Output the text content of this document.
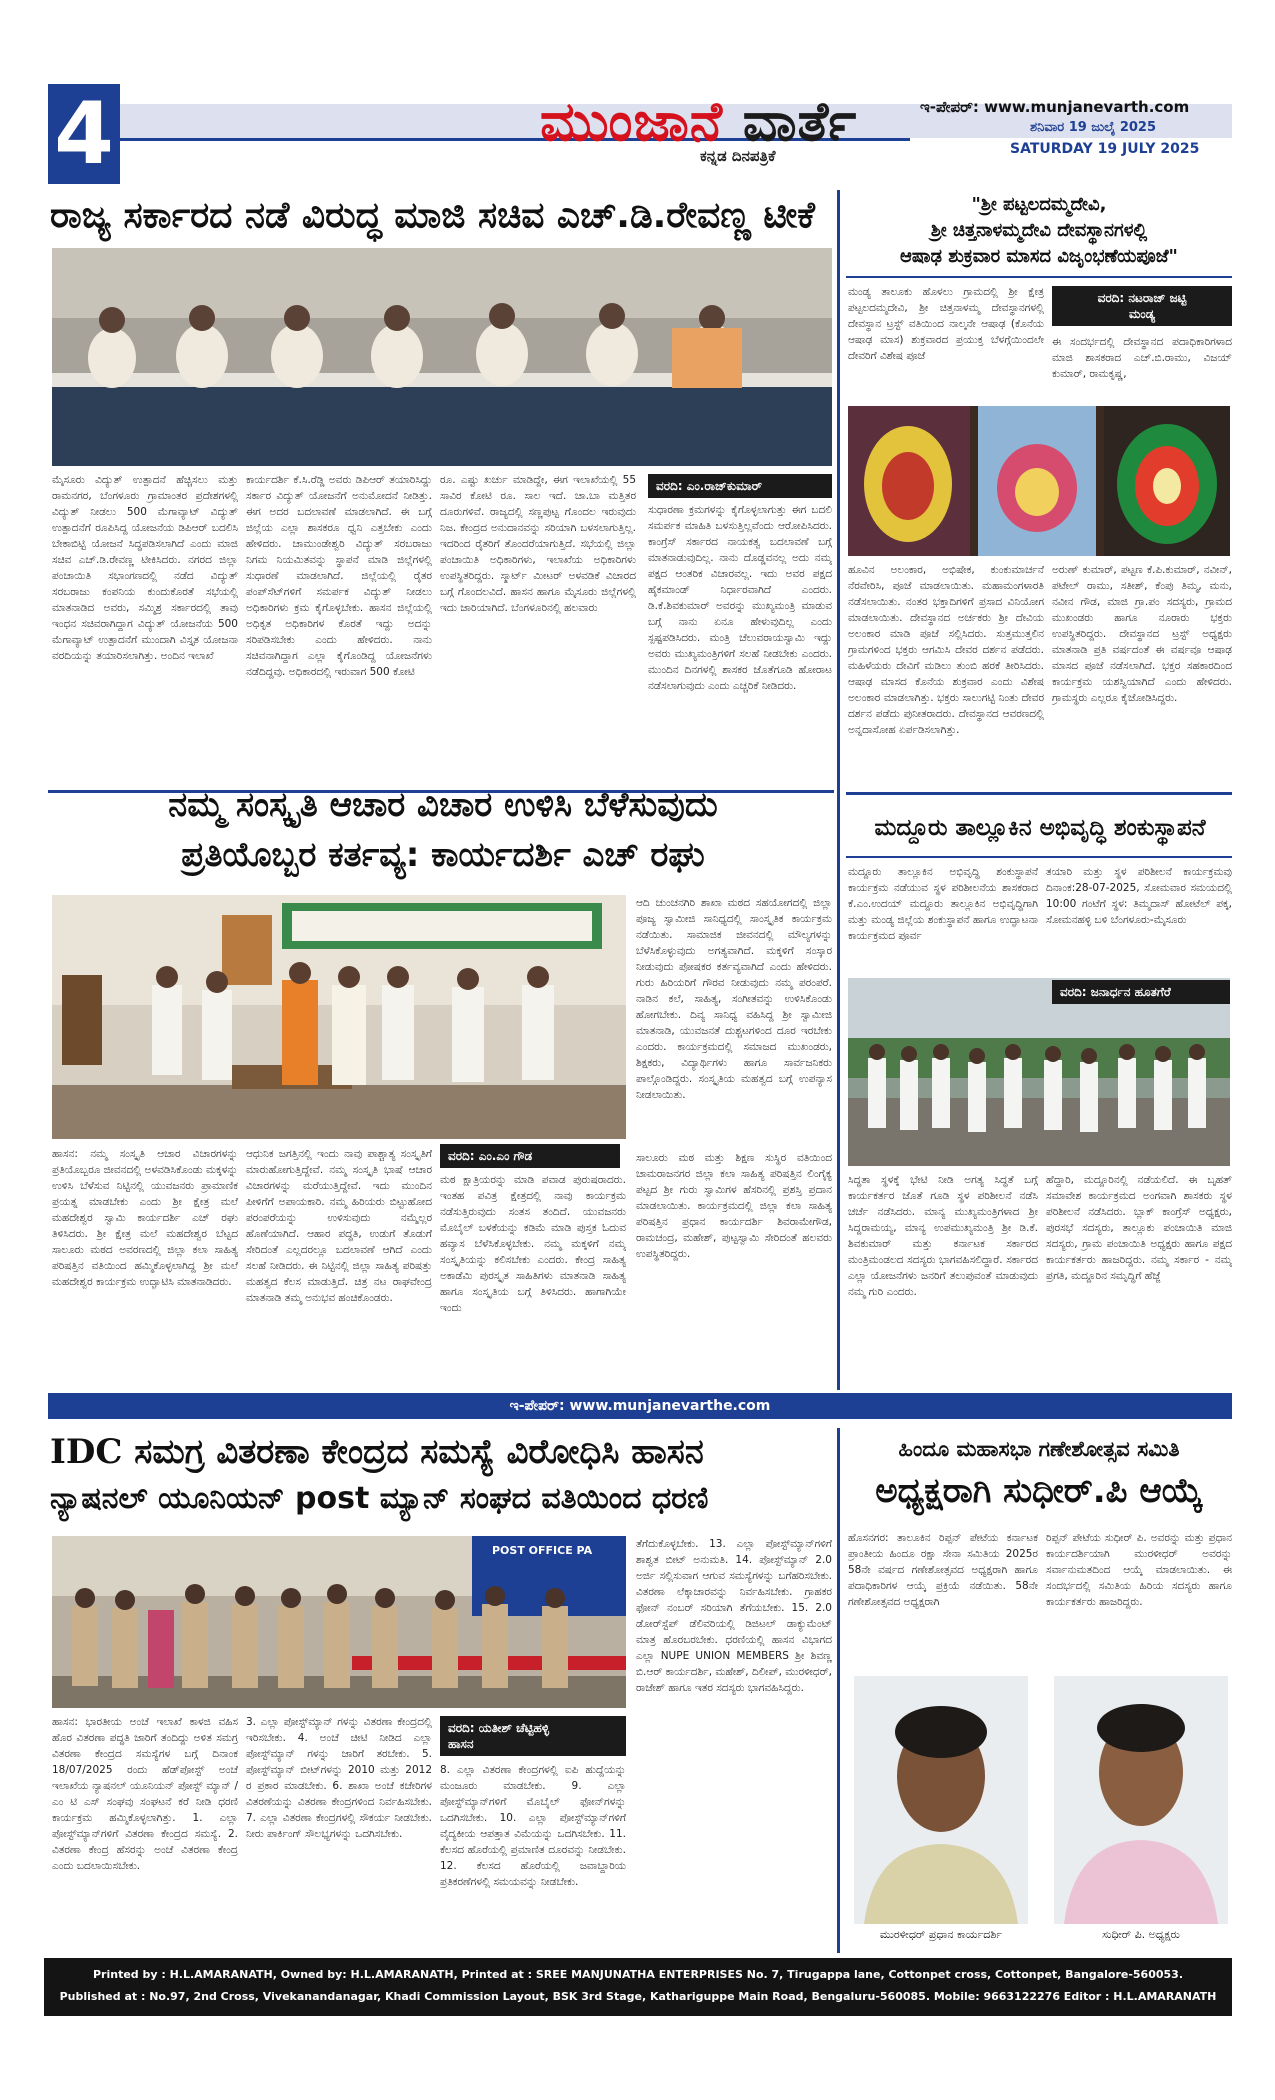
4	ಮುಂಜಾನೆ ವಾರ್ತೆ
ಕನ್ನಡ ದಿನಪತ್ರಿಕೆ
ಇ-ಪೇಪರ್: www.munjanevarth.com
ಶನಿವಾರ 19 ಜುಲೈ 2025
SATURDAY 19 JULY 2025
ರಾಜ್ಯ ಸರ್ಕಾರದ ನಡೆ ವಿರುದ್ಧ ಮಾಜಿ ಸಚಿವ ಎಚ್.ಡಿ.ರೇವಣ್ಣ ಟೀಕೆ
ಮೈಸೂರು ವಿದ್ಯುತ್ ಉತ್ಪಾದನೆ ಹೆಚ್ಚಿಸಲು ಮತ್ತು ರಾಮನಗರ, ಬೆಂಗಳೂರು ಗ್ರಾಮಾಂತರ ಪ್ರದೇಶಗಳಲ್ಲಿ ವಿದ್ಯುತ್ ನೀಡಲು 500 ಮೆಗಾವ್ಯಾಟ್ ವಿದ್ಯುತ್ ಉತ್ಪಾದನೆಗೆ ರೂಪಿಸಿದ್ದ ಯೋಜನೆಯ ಡಿಪಿಆರ್ ಬದಲಿಸಿ ಬೇಕಾಬಿಟ್ಟಿ ಯೋಜನೆ ಸಿದ್ಧಪಡಿಸಲಾಗಿದೆ ಎಂದು ಮಾಜಿ ಸಚಿವ ಎಚ್.ಡಿ.ರೇವಣ್ಣ ಟೀಕಿಸಿದರು. ನಗರದ ಜಿಲ್ಲಾ ಪಂಚಾಯಿತಿ ಸಭಾಂಗಣದಲ್ಲಿ ನಡೆದ ವಿದ್ಯುತ್ ಸರಬರಾಜು ಕಂಪನಿಯ ಕುಂದುಕೊರತೆ ಸಭೆಯಲ್ಲಿ ಮಾತನಾಡಿದ ಅವರು, ಸಮ್ಮಿಶ್ರ ಸರ್ಕಾರದಲ್ಲಿ ತಾವು ಇಂಧನ ಸಚಿವರಾಗಿದ್ದಾಗ ವಿದ್ಯುತ್ ಯೋಜನೆಯ 500 ಮೆಗಾವ್ಯಾಟ್ ಉತ್ಪಾದನೆಗೆ ಮುಂದಾಗಿ ವಿಸ್ತೃತ ಯೋಜನಾ ವರದಿಯನ್ನು ತಯಾರಿಸಲಾಗಿತ್ತು. ಅಂದಿನ ಇಲಾಖೆ
ಕಾರ್ಯದರ್ಶಿ ಕೆ.ಸಿ.ರೆಡ್ಡಿ ಅವರು ಡಿಪಿಆರ್ ತಯಾರಿಸಿದ್ದು ಸರ್ಕಾರ ವಿದ್ಯುತ್ ಯೋಜನೆಗೆ ಅನುಮೋದನೆ ನೀಡಿತ್ತು. ಈಗ ಅದರ ಬದಲಾವಣೆ ಮಾಡಲಾಗಿದೆ. ಈ ಬಗ್ಗೆ ಜಿಲ್ಲೆಯ ಎಲ್ಲಾ ಶಾಸಕರೂ ಧ್ವನಿ ಎತ್ತಬೇಕು ಎಂದು ಹೇಳಿದರು. ಚಾಮುಂಡೇಶ್ವರಿ ವಿದ್ಯುತ್ ಸರಬರಾಜು ನಿಗಮ ನಿಯಮಿತವನ್ನು ಸ್ಥಾಪನೆ ಮಾಡಿ ಜಿಲ್ಲೆಗಳಲ್ಲಿ ಸುಧಾರಣೆ ಮಾಡಲಾಗಿದೆ. ಜಿಲ್ಲೆಯಲ್ಲಿ ರೈತರ ಪಂಪ್‌ಸೆಟ್‌ಗಳಿಗೆ ಸಮರ್ಪಕ ವಿದ್ಯುತ್ ನೀಡಲು ಅಧಿಕಾರಿಗಳು ಕ್ರಮ ಕೈಗೊಳ್ಳಬೇಕು. ಹಾಸನ ಜಿಲ್ಲೆಯಲ್ಲಿ ಅಧಿಕೃತ ಅಧಿಕಾರಿಗಳ ಕೊರತೆ ಇದ್ದು ಅದನ್ನು ಸರಿಪಡಿಸಬೇಕು ಎಂದು ಹೇಳಿದರು. ನಾನು ಸಚಿವನಾಗಿದ್ದಾಗ ಎಲ್ಲಾ ಕೈಗೊಂಡಿದ್ದ ಯೋಜನೆಗಳು ನಡೆದಿದ್ದವು. ಅಧಿಕಾರದಲ್ಲಿ ಇರುವಾಗ 500 ಕೋಟಿ
ರೂ. ಎಷ್ಟು ಖರ್ಚು ಮಾಡಿದ್ದೇ, ಈಗ ಇಲಾಖೆಯಲ್ಲಿ 55 ಸಾವಿರ ಕೋಟಿ ರೂ. ಸಾಲ ಇದೆ. ಚಾ.ಬಾ ಮತ್ತಿತರ ದೂರುಗಳಿವೆ. ರಾಜ್ಯದಲ್ಲಿ ಸಣ್ಣಪುಟ್ಟ ಗೊಂದಲ ಇರುವುದು ನಿಜ. ಕೇಂದ್ರದ ಅನುದಾನವನ್ನು ಸರಿಯಾಗಿ ಬಳಸಲಾಗುತ್ತಿಲ್ಲ. ಇದರಿಂದ ರೈತರಿಗೆ ತೊಂದರೆಯಾಗುತ್ತಿದೆ. ಸಭೆಯಲ್ಲಿ ಜಿಲ್ಲಾ ಪಂಚಾಯಿತಿ ಅಧಿಕಾರಿಗಳು, ಇಲಾಖೆಯ ಅಧಿಕಾರಿಗಳು ಉಪಸ್ಥಿತರಿದ್ದರು. ಸ್ಮಾರ್ಟ್ ಮೀಟರ್ ಅಳವಡಿಕೆ ವಿಚಾರದ ಬಗ್ಗೆ ಗೊಂದಲವಿದೆ. ಹಾಸನ ಹಾಗೂ ಮೈಸೂರು ಜಿಲ್ಲೆಗಳಲ್ಲಿ ಇದು ಜಾರಿಯಾಗಿದೆ. ಬೆಂಗಳೂರಿನಲ್ಲಿ ಹಲವಾರು
ವರದಿ: ಎಂ.ರಾಜ್‌ಕುಮಾರ್
ಸುಧಾರಣಾ ಕ್ರಮಗಳನ್ನು ಕೈಗೊಳ್ಳಲಾಗುತ್ತು ಈಗ ಬದಲಿ ಸಮರ್ಪಕ ಮಾಹಿತಿ ಬಳಸುತ್ತಿಲ್ಲವೆಂದು ಆರೋಪಿಸಿದರು. ಕಾಂಗ್ರೆಸ್ ಸರ್ಕಾರದ ನಾಯಕತ್ವ ಬದಲಾವಣೆ ಬಗ್ಗೆ ಮಾತನಾಡುವುದಿಲ್ಲ. ನಾನು ದೊಡ್ಡವನಲ್ಲ ಅದು ನಮ್ಮ ಪಕ್ಷದ ಆಂತರಿಕ ವಿಚಾರವಲ್ಲ. ಇದು ಅವರ ಪಕ್ಷದ ಹೈಕಮಾಂಡ್ ನಿರ್ಧಾರವಾಗಿದೆ ಎಂದರು. ಡಿ.ಕೆ.ಶಿವಕುಮಾರ್ ಅವರನ್ನು ಮುಖ್ಯಮಂತ್ರಿ ಮಾಡುವ ಬಗ್ಗೆ ನಾನು ಏನೂ ಹೇಳುವುದಿಲ್ಲ ಎಂದು ಸ್ಪಷ್ಟಪಡಿಸಿದರು. ಮಂತ್ರಿ ಚೆಲುವರಾಯಸ್ವಾಮಿ ಇದ್ದು ಅವರು ಮುಖ್ಯಮಂತ್ರಿಗಳಿಗೆ ಸಲಹೆ ನೀಡಬೇಕು ಎಂದರು. ಮುಂದಿನ ದಿನಗಳಲ್ಲಿ ಶಾಸಕರ ಜೊತೆಗೂಡಿ ಹೋರಾಟ ನಡೆಸಲಾಗುವುದು ಎಂದು ಎಚ್ಚರಿಕೆ ನೀಡಿದರು.
"ಶ್ರೀ ಪಟ್ಟಲದಮ್ಮದೇವಿ,
ಶ್ರೀ ಚಿತ್ತನಾಳಮ್ಮದೇವಿ ದೇವಸ್ಥಾನಗಳಲ್ಲಿ
ಆಷಾಢ ಶುಕ್ರವಾರ ಮಾಸದ ವಿಜೃಂಭಣೆಯಪೂಜೆ"
ಮಂಡ್ಯ ತಾಲೂಕು ಹೊಳಲು ಗ್ರಾಮದಲ್ಲಿ ಶ್ರೀ ಕ್ಷೇತ್ರ ಪಟ್ಟಲದಮ್ಮದೇವಿ, ಶ್ರೀ ಚಿತ್ತನಾಳಮ್ಮ ದೇವಸ್ಥಾನಗಳಲ್ಲಿ ದೇವಸ್ಥಾನ ಟ್ರಸ್ಟ್ ವತಿಯಿಂದ ನಾಲ್ಕನೇ ಆಷಾಢ (ಕೊನೆಯ ಆಷಾಢ ಮಾಸ) ಶುಕ್ರವಾರದ ಪ್ರಯುಕ್ತ ಬೆಳಗ್ಗೆಯಿಂದಲೇ ದೇವರಿಗೆ ವಿಶೇಷ ಪೂಜೆ
ವರದಿ: ನಟರಾಜ್ ಜಟ್ಟಿ
ಮಂಡ್ಯ
ಈ ಸಂದರ್ಭದಲ್ಲಿ ದೇವಸ್ಥಾನದ ಪದಾಧಿಕಾರಿಗಳಾದ ಮಾಜಿ ಶಾಸಕರಾದ ಎಚ್.ಬಿ.ರಾಮು, ವಿಜಯ್ ಕುಮಾರ್, ರಾಮಕೃಷ್ಣ,
ಹೂವಿನ ಅಲಂಕಾರ, ಅಭಿಷೇಕ, ಕುಂಕುಮಾರ್ಚನೆ ನೆರವೇರಿಸಿ, ಪೂಜೆ ಮಾಡಲಾಯಿತು. ಮಹಾಮಂಗಳಾರತಿ ನಡೆಸಲಾಯಿತು. ನಂತರ ಭಕ್ತಾದಿಗಳಿಗೆ ಪ್ರಸಾದ ವಿನಿಯೋಗ ಮಾಡಲಾಯಿತು. ದೇವಸ್ಥಾನದ ಅರ್ಚಕರು ಶ್ರೀ ದೇವಿಯ ಅಲಂಕಾರ ಮಾಡಿ ಪೂಜೆ ಸಲ್ಲಿಸಿದರು. ಸುತ್ತಮುತ್ತಲಿನ ಗ್ರಾಮಗಳಿಂದ ಭಕ್ತರು ಆಗಮಿಸಿ ದೇವರ ದರ್ಶನ ಪಡೆದರು. ಮಹಿಳೆಯರು ದೇವಿಗೆ ಮಡಿಲು ತುಂಬಿ ಹರಕೆ ತೀರಿಸಿದರು. ಆಷಾಢ ಮಾಸದ ಕೊನೆಯ ಶುಕ್ರವಾರ ಎಂದು ವಿಶೇಷ ಅಲಂಕಾರ ಮಾಡಲಾಗಿತ್ತು. ಭಕ್ತರು ಸಾಲುಗಟ್ಟಿ ನಿಂತು ದೇವರ ದರ್ಶನ ಪಡೆದು ಪುನೀತರಾದರು. ದೇವಸ್ಥಾನದ ಆವರಣದಲ್ಲಿ ಅನ್ನದಾಸೋಹ ಏರ್ಪಡಿಸಲಾಗಿತ್ತು.
ಅರುಣ್ ಕುಮಾರ್, ಪಟ್ಟಣ ಕೆ.ಪಿ.ಕುಮಾರ್, ನವೀನ್, ಪಟೇಲ್ ರಾಮು, ಸತೀಶ್, ಕೆಂಪು ತಿಮ್ಮ, ಮನು, ನವೀನ ಗೌಡ, ಮಾಜಿ ಗ್ರಾ.ಪಂ ಸದಸ್ಯರು, ಗ್ರಾಮದ ಮುಖಂಡರು ಹಾಗೂ ನೂರಾರು ಭಕ್ತರು ಉಪಸ್ಥಿತರಿದ್ದರು. ದೇವಸ್ಥಾನದ ಟ್ರಸ್ಟ್ ಅಧ್ಯಕ್ಷರು ಮಾತನಾಡಿ ಪ್ರತಿ ವರ್ಷದಂತೆ ಈ ವರ್ಷವೂ ಆಷಾಢ ಮಾಸದ ಪೂಜೆ ನಡೆಸಲಾಗಿದೆ. ಭಕ್ತರ ಸಹಕಾರದಿಂದ ಕಾರ್ಯಕ್ರಮ ಯಶಸ್ವಿಯಾಗಿದೆ ಎಂದು ಹೇಳಿದರು. ಗ್ರಾಮಸ್ಥರು ಎಲ್ಲರೂ ಕೈಜೋಡಿಸಿದ್ದರು.
ನಮ್ಮ ಸಂಸ್ಕೃತಿ ಆಚಾರ ವಿಚಾರ ಉಳಿಸಿ ಬೆಳೆಸುವುದು
ಪ್ರತಿಯೊಬ್ಬರ ಕರ್ತವ್ಯ: ಕಾರ್ಯದರ್ಶಿ ಎಚ್ ರಘು
ಆದಿ ಚುಂಚನಗಿರಿ ಶಾಖಾ ಮಠದ ಸಹಯೋಗದಲ್ಲಿ ಜಿಲ್ಲಾ ಪೂಜ್ಯ ಸ್ವಾಮೀಜಿ ಸಾನಿಧ್ಯದಲ್ಲಿ ಸಾಂಸ್ಕೃತಿಕ ಕಾರ್ಯಕ್ರಮ ನಡೆಯಿತು. ಸಾಮಾಜಿಕ ಜೀವನದಲ್ಲಿ ಮೌಲ್ಯಗಳನ್ನು ಬೆಳೆಸಿಕೊಳ್ಳುವುದು ಅಗತ್ಯವಾಗಿದೆ. ಮಕ್ಕಳಿಗೆ ಸಂಸ್ಕಾರ ನೀಡುವುದು ಪೋಷಕರ ಕರ್ತವ್ಯವಾಗಿದೆ ಎಂದು ಹೇಳಿದರು. ಗುರು ಹಿರಿಯರಿಗೆ ಗೌರವ ನೀಡುವುದು ನಮ್ಮ ಪರಂಪರೆ. ನಾಡಿನ ಕಲೆ, ಸಾಹಿತ್ಯ, ಸಂಗೀತವನ್ನು ಉಳಿಸಿಕೊಂಡು ಹೋಗಬೇಕು. ದಿವ್ಯ ಸಾನಿಧ್ಯ ವಹಿಸಿದ್ದ ಶ್ರೀ ಸ್ವಾಮೀಜಿ ಮಾತನಾಡಿ, ಯುವಜನತೆ ದುಶ್ಚಟಗಳಿಂದ ದೂರ ಇರಬೇಕು ಎಂದರು. ಕಾರ್ಯಕ್ರಮದಲ್ಲಿ ಸಮಾಜದ ಮುಖಂಡರು, ಶಿಕ್ಷಕರು, ವಿದ್ಯಾರ್ಥಿಗಳು ಹಾಗೂ ಸಾರ್ವಜನಿಕರು ಪಾಲ್ಗೊಂಡಿದ್ದರು. ಸಂಸ್ಕೃತಿಯ ಮಹತ್ವದ ಬಗ್ಗೆ ಉಪನ್ಯಾಸ ನೀಡಲಾಯಿತು.
ವರದಿ: ಎಂ.ಎಂ ಗೌಡ
ಹಾಸನ: ನಮ್ಮ ಸಂಸ್ಕೃತಿ ಆಚಾರ ವಿಚಾರಗಳನ್ನು ಪ್ರತಿಯೊಬ್ಬರೂ ಜೀವನದಲ್ಲಿ ಅಳವಡಿಸಿಕೊಂಡು ಮಕ್ಕಳನ್ನು ಉಳಿಸಿ ಬೆಳೆಸುವ ನಿಟ್ಟಿನಲ್ಲಿ ಯುವಜನರು ಪ್ರಾಮಾಣಿಕ ಪ್ರಯತ್ನ ಮಾಡಬೇಕು ಎಂದು ಶ್ರೀ ಕ್ಷೇತ್ರ ಮಲೆ ಮಹದೇಶ್ವರ ಸ್ವಾಮಿ ಕಾರ್ಯದರ್ಶಿ ಎಚ್ ರಘು ತಿಳಿಸಿದರು. ಶ್ರೀ ಕ್ಷೇತ್ರ ಮಲೆ ಮಹದೇಶ್ವರ ಬೆಟ್ಟದ ಸಾಲೂರು ಮಠದ ಅವರಣದಲ್ಲಿ ಜಿಲ್ಲಾ ಕಲಾ ಸಾಹಿತ್ಯ ಪರಿಷತ್ತಿನ ವತಿಯಿಂದ ಹಮ್ಮಿಕೊಳ್ಳಲಾಗಿದ್ದ ಶ್ರೀ ಮಲೆ ಮಹದೇಶ್ವರ ಕಾರ್ಯಕ್ರಮ ಉದ್ಘಾಟಿಸಿ ಮಾತನಾಡಿದರು.
ಆಧುನಿಕ ಜಗತ್ತಿನಲ್ಲಿ ಇಂದು ನಾವು ಪಾಶ್ಚಾತ್ಯ ಸಂಸ್ಕೃತಿಗೆ ಮಾರುಹೋಗುತ್ತಿದ್ದೇವೆ. ನಮ್ಮ ಸಂಸ್ಕೃತಿ ಭಾಷೆ ಆಚಾರ ವಿಚಾರಗಳನ್ನು ಮರೆಯುತ್ತಿದ್ದೇವೆ. ಇದು ಮುಂದಿನ ಪೀಳಿಗೆಗೆ ಅಪಾಯಕಾರಿ. ನಮ್ಮ ಹಿರಿಯರು ಬಿಟ್ಟುಹೋದ ಪರಂಪರೆಯನ್ನು ಉಳಿಸುವುದು ನಮ್ಮೆಲ್ಲರ ಹೊಣೆಯಾಗಿದೆ. ಆಹಾರ ಪದ್ಧತಿ, ಉಡುಗೆ ತೊಡುಗೆ ಸೇರಿದಂತೆ ಎಲ್ಲದರಲ್ಲೂ ಬದಲಾವಣೆ ಆಗಿದೆ ಎಂದು ಸಲಹೆ ನೀಡಿದರು. ಈ ನಿಟ್ಟಿನಲ್ಲಿ ಜಿಲ್ಲಾ ಸಾಹಿತ್ಯ ಪರಿಷತ್ತು ಮಹತ್ವದ ಕೆಲಸ ಮಾಡುತ್ತಿದೆ. ಚಿತ್ರ ನಟ ರಾಘವೇಂದ್ರ ಮಾತನಾಡಿ ತಮ್ಮ ಅನುಭವ ಹಂಚಿಕೊಂಡರು.
ಮಠ ಕ್ಷಾತ್ರಿಯರನ್ನು ಮಾಡಿ ಪವಾಡ ಪುರುಷರಾದರು. ಇಂತಹ ಪವಿತ್ರ ಕ್ಷೇತ್ರದಲ್ಲಿ ನಾವು ಕಾರ್ಯಕ್ರಮ ನಡೆಸುತ್ತಿರುವುದು ಸಂತಸ ತಂದಿದೆ. ಯುವಜನರು ಮೊಬೈಲ್ ಬಳಕೆಯನ್ನು ಕಡಿಮೆ ಮಾಡಿ ಪುಸ್ತಕ ಓದುವ ಹವ್ಯಾಸ ಬೆಳೆಸಿಕೊಳ್ಳಬೇಕು. ನಮ್ಮ ಮಕ್ಕಳಿಗೆ ನಮ್ಮ ಸಂಸ್ಕೃತಿಯನ್ನು ಕಲಿಸಬೇಕು ಎಂದರು. ಕೇಂದ್ರ ಸಾಹಿತ್ಯ ಅಕಾಡೆಮಿ ಪುರಸ್ಕೃತ ಸಾಹಿತಿಗಳು ಮಾತನಾಡಿ ಸಾಹಿತ್ಯ ಹಾಗೂ ಸಂಸ್ಕೃತಿಯ ಬಗ್ಗೆ ತಿಳಿಸಿದರು. ಹಾಗಾಗಿಯೇ ಇಂದು
ಸಾಲೂರು ಮಠ ಮತ್ತು ಶಿಕ್ಷಣ ಸುಸ್ಥಿರ ವತಿಯಿಂದ ಚಾಮರಾಜನಗರ ಜಿಲ್ಲಾ ಕಲಾ ಸಾಹಿತ್ಯ ಪರಿಷತ್ತಿನ ಲಿಂಗೈಕ್ಯ ಪಟ್ಟದ ಶ್ರೀ ಗುರು ಸ್ವಾಮಿಗಳ ಹೆಸರಿನಲ್ಲಿ ಪ್ರಶಸ್ತಿ ಪ್ರದಾನ ಮಾಡಲಾಯಿತು. ಕಾರ್ಯಕ್ರಮದಲ್ಲಿ ಜಿಲ್ಲಾ ಕಲಾ ಸಾಹಿತ್ಯ ಪರಿಷತ್ತಿನ ಪ್ರಧಾನ ಕಾರ್ಯದರ್ಶಿ ಶಿವರಾಮೇಗೌಡ, ರಾಮಚಂದ್ರ, ಮಹೇಶ್, ಪುಟ್ಟಸ್ವಾಮಿ ಸೇರಿದಂತೆ ಹಲವರು ಉಪಸ್ಥಿತರಿದ್ದರು.
ಮದ್ದೂರು ತಾಲ್ಲೂಕಿನ ಅಭಿವೃದ್ಧಿ ಶಂಕುಸ್ಥಾಪನೆ
ಮದ್ದೂರು ತಾಲ್ಲೂಕಿನ ಅಭಿವೃದ್ಧಿ ಶಂಕುಸ್ಥಾಪನೆ ಕಾರ್ಯಕ್ರಮ ನಡೆಯುವ ಸ್ಥಳ ಪರಿಶೀಲನೆಯ ಶಾಸಕರಾದ ಕೆ.ಎಂ.ಉದಯ್ ಮದ್ದೂರು ತಾಲ್ಲೂಕಿನ ಅಭಿವೃದ್ಧಿಗಾಗಿ ಮತ್ತು ಮಂಡ್ಯ ಜಿಲ್ಲೆಯ ಶಂಕುಸ್ಥಾಪನೆ ಹಾಗೂ ಉದ್ಘಾಟನಾ ಕಾರ್ಯಕ್ರಮದ ಪೂರ್ವ
ತಯಾರಿ ಮತ್ತು ಸ್ಥಳ ಪರಿಶೀಲನೆ ಕಾರ್ಯಕ್ರಮವು ದಿನಾಂಕ:28-07-2025, ಸೋಮವಾರ ಸಮಯದಲ್ಲಿ 10:00 ಗಂಟೆಗೆ ಸ್ಥಳ: ತಿಮ್ಮದಾಸ್ ಹೋಟೆಲ್ ಪಕ್ಕ, ಸೋಮನಹಳ್ಳಿ ಬಳಿ ಬೆಂಗಳೂರು-ಮೈಸೂರು
ವರದಿ: ಜನಾರ್ಧನ ಹೂತಗೆರೆ
ಸಿದ್ಧತಾ ಸ್ಥಳಕ್ಕೆ ಭೇಟಿ ನೀಡಿ ಅಗತ್ಯ ಸಿದ್ಧತೆ ಬಗ್ಗೆ ಕಾರ್ಯಕರ್ತರ ಜೊತೆ ಗೂಡಿ ಸ್ಥಳ ಪರಿಶೀಲನೆ ನಡೆಸಿ ಚರ್ಚೆ ನಡೆಸಿದರು. ಮಾನ್ಯ ಮುಖ್ಯಮಂತ್ರಿಗಳಾದ ಶ್ರೀ ಸಿದ್ದರಾಮಯ್ಯ, ಮಾನ್ಯ ಉಪಮುಖ್ಯಮಂತ್ರಿ ಶ್ರೀ ಡಿ.ಕೆ. ಶಿವಕುಮಾರ್ ಮತ್ತು ಕರ್ನಾಟಕ ಸರ್ಕಾರದ ಮಂತ್ರಿಮಂಡಲದ ಸದಸ್ಯರು ಭಾಗವಹಿಸಲಿದ್ದಾರೆ. ಸರ್ಕಾರದ ಎಲ್ಲಾ ಯೋಜನೆಗಳು ಜನರಿಗೆ ತಲುಪುವಂತೆ ಮಾಡುವುದು ನಮ್ಮ ಗುರಿ ಎಂದರು.
ಹೆದ್ದಾರಿ, ಮದ್ದೂರಿನಲ್ಲಿ ನಡೆಯಲಿದೆ. ಈ ಬೃಹತ್ ಸಮಾವೇಶ ಕಾರ್ಯಕ್ರಮದ ಅಂಗವಾಗಿ ಶಾಸಕರು ಸ್ಥಳ ಪರಿಶೀಲನೆ ನಡೆಸಿದರು. ಬ್ಲಾಕ್ ಕಾಂಗ್ರೆಸ್ ಅಧ್ಯಕ್ಷರು, ಪುರಸಭೆ ಸದಸ್ಯರು, ತಾಲ್ಲೂಕು ಪಂಚಾಯಿತಿ ಮಾಜಿ ಸದಸ್ಯರು, ಗ್ರಾಮ ಪಂಚಾಯಿತಿ ಅಧ್ಯಕ್ಷರು ಹಾಗೂ ಪಕ್ಷದ ಕಾರ್ಯಕರ್ತರು ಹಾಜರಿದ್ದರು. ನಮ್ಮ ಸರ್ಕಾರ - ನಮ್ಮ ಪ್ರಗತಿ, ಮದ್ದೂರಿನ ಸಮೃದ್ಧಿಗೆ ಹೆಜ್ಜೆ
ಇ-ಪೇಪರ್: www.munjanevarthe.com
IDC ಸಮಗ್ರ ವಿತರಣಾ ಕೇಂದ್ರದ ಸಮಸ್ಯೆ ವಿರೋಧಿಸಿ ಹಾಸನ
ನ್ಯಾಷನಲ್ ಯೂನಿಯನ್ post ಮ್ಯಾನ್ ಸಂಘದ ವತಿಯಿಂದ ಧರಣಿ
POST OFFICE PA	ತೆಗೆದುಕೊಳ್ಳಬೇಕು. 13. ಎಲ್ಲಾ ಪೋಸ್ಟ್‌ಮ್ಯಾನ್‌ಗಳಿಗೆ ಶಾಶ್ವತ ಬೀಟ್ ಅನುಮತಿ. 14. ಪೋಸ್ಟ್‌ಮ್ಯಾನ್ 2.0 ಅರ್ಜಿ ಸಲ್ಲಿಸುವಾಗ ಆಗುವ ಸಮಸ್ಯೆಗಳನ್ನು ಬಗೆಹರಿಸಬೇಕು. ವಿತರಣಾ ಲೆಕ್ಕಾಚಾರವನ್ನು ನಿರ್ವಹಿಸಬೇಕು. ಗ್ರಾಹಕರ ಫೋನ್ ನಂಬರ್ ಸರಿಯಾಗಿ ತೆಗೆಯಬೇಕು. 15. 2.0 ಡೋರ್‌ಸ್ಟೆಪ್ ಡೆಲಿವರಿಯಲ್ಲಿ ಡಿಜಿಟಲ್ ಡಾಕ್ಯುಮೆಂಟ್ ಮಾತ್ರ ಹೊರಬರಬೇಕು. ಧರಣಿಯಲ್ಲಿ ಹಾಸನ ವಿಭಾಗದ ಎಲ್ಲಾ NUPE UNION MEMBERS ಶ್ರೀ ಶಿವಣ್ಣ ಬಿ.ಆರ್ ಕಾರ್ಯದರ್ಶಿ, ಮಹೇಶ್, ದಿಲೀಪ್, ಮುರಳೀಧರ್, ರಾಜೇಶ್ ಹಾಗೂ ಇತರ ಸದಸ್ಯರು ಭಾಗವಹಿಸಿದ್ದರು.
ಹಾಸನ: ಭಾರತೀಯ ಅಂಚೆ ಇಲಾಖೆ ಕಾಳಜಿ ವಹಿಸ ಹೊರ ವಿತರಣಾ ಪದ್ಧತಿ ಜಾರಿಗೆ ತಂದಿದ್ದು ಅಳಿತ ಸಮಗ್ರ ವಿತರಣಾ ಕೇಂದ್ರದ ಸಮಸ್ಯೆಗಳ ಬಗ್ಗೆ ದಿನಾಂಕ 18/07/2025 ರಂದು ಹೆಡ್‌ಪೋಸ್ಟ್ ಅಂಚೆ ಇಲಾಖೆಯ ನ್ಯಾಷನಲ್ ಯೂನಿಯನ್ ಪೋಸ್ಟ್ ಮ್ಯಾನ್ / ಎಂ ಟಿ ಎಸ್ ಸಂಘವು ಸಂಘಟನೆ ಕರೆ ನೀಡಿ ಧರಣಿ ಕಾರ್ಯಕ್ರಮ ಹಮ್ಮಿಕೊಳ್ಳಲಾಗಿತ್ತು. 1. ಎಲ್ಲಾ ಪೋಸ್ಟ್‌ಮ್ಯಾನ್‌ಗಳಿಗೆ ವಿತರಣಾ ಕೇಂದ್ರದ ಸಮಸ್ಯೆ. 2. ವಿತರಣಾ ಕೇಂದ್ರ ಹೆಸರನ್ನು ಅಂಚೆ ವಿತರಣಾ ಕೇಂದ್ರ ಎಂದು ಬದಲಾಯಿಸಬೇಕು.
3. ಎಲ್ಲಾ ಪೋಸ್ಟ್‌ಮ್ಯಾನ್ ಗಳನ್ನು ವಿತರಣಾ ಕೇಂದ್ರದಲ್ಲಿ ಇರಿಸಬೇಕು. 4. ಅಂಚೆ ಚೀಟಿ ನೀಡಿದ ಎಲ್ಲಾ ಪೋಸ್ಟ್‌ಮ್ಯಾನ್ ಗಳನ್ನು ಜಾರಿಗೆ ತರಬೇಕು. 5. ಪೋಸ್ಟ್‌ಮ್ಯಾನ್ ಬೀಟ್‌ಗಳನ್ನು 2010 ಮತ್ತು 2012 ರ ಪ್ರಕಾರ ಮಾಡಬೇಕು. 6. ಶಾಖಾ ಅಂಚೆ ಕಚೇರಿಗಳ ವಿತರಣೆಯನ್ನು ವಿತರಣಾ ಕೇಂದ್ರಗಳಿಂದ ನಿರ್ವಹಿಸಬೇಕು. 7. ಎಲ್ಲಾ ವಿತರಣಾ ಕೇಂದ್ರಗಳಲ್ಲಿ ಸೌಕರ್ಯ ನೀಡಬೇಕು. ನೀರು ಪಾರ್ಕಿಂಗ್ ಸೌಲಭ್ಯಗಳನ್ನು ಒದಗಿಸಬೇಕು.
ವರದಿ: ಯತೀಶ್ ಚೆಟ್ಟಿಹಳ್ಳಿ
ಹಾಸನ
8. ಎಲ್ಲಾ ವಿತರಣಾ ಕೇಂದ್ರಗಳಲ್ಲಿ ಐಪಿ ಹುದ್ದೆಯನ್ನು ಮಂಜೂರು ಮಾಡಬೇಕು. 9. ಎಲ್ಲಾ ಪೋಸ್ಟ್‌ಮ್ಯಾನ್‌ಗಳಿಗೆ ಮೊಬೈಲ್ ಫೋನ್‌ಗಳನ್ನು ಒದಗಿಸಬೇಕು. 10. ಎಲ್ಲಾ ಪೋಸ್ಟ್‌ಮ್ಯಾನ್‌ಗಳಿಗೆ ವೈದ್ಯಕೀಯ ಆಪತ್ತಾತ ವಿಮೆಯನ್ನು ಒದಗಿಸಬೇಕು. 11. ಕೆಲಸದ ಹೊರೆಯಲ್ಲಿ ಪ್ರಮಾಣಿತ ದೂರವನ್ನು ನೀಡಬೇಕು. 12. ಕೆಲಸದ ಹೊರೆಯಲ್ಲಿ ಜವಾಬ್ದಾರಿಯ ಪ್ರತಿಕರಣೆಗಳಲ್ಲಿ ಸಮಯವನ್ನು ನೀಡಬೇಕು.
ಹಿಂದೂ ಮಹಾಸಭಾ ಗಣೇಶೋತ್ಸವ ಸಮಿತಿ
ಅಧ್ಯಕ್ಷರಾಗಿ ಸುಧೀರ್.ಪಿ ಆಯ್ಕೆ
ಹೊಸನಗರ: ತಾಲೂಕಿನ ರಿಪ್ಪನ್ ಪೇಟೆಯ ಕರ್ನಾಟಕ ಪ್ರಾಂತೀಯ ಹಿಂದೂ ರಕ್ಷಾ ಸೇನಾ ಸಮಿತಿಯ 2025ರ 58ನೇ ವರ್ಷದ ಗಣೇಶೋತ್ಸವದ ಅಧ್ಯಕ್ಷರಾಗಿ ಹಾಗೂ ಪದಾಧಿಕಾರಿಗಳ ಆಯ್ಕೆ ಪ್ರಕ್ರಿಯೆ ನಡೆಯಿತು. 58ನೇ ಗಣೇಶೋತ್ಸವದ ಅಧ್ಯಕ್ಷರಾಗಿ
ರಿಪ್ಪನ್ ಪೇಟೆಯ ಸುಧೀರ್ ಪಿ. ಅವರನ್ನು ಮತ್ತು ಪ್ರಧಾನ ಕಾರ್ಯದರ್ಶಿಯಾಗಿ ಮುರಳೀಧರ್ ಅವರನ್ನು ಸರ್ವಾನುಮತದಿಂದ ಆಯ್ಕೆ ಮಾಡಲಾಯಿತು. ಈ ಸಂದರ್ಭದಲ್ಲಿ ಸಮಿತಿಯ ಹಿರಿಯ ಸದಸ್ಯರು ಹಾಗೂ ಕಾರ್ಯಕರ್ತರು ಹಾಜರಿದ್ದರು.
ಮುರಳೀಧರ್ ಪ್ರಧಾನ ಕಾರ್ಯದರ್ಶಿ	ಸುಧೀರ್ ಪಿ. ಅಧ್ಯಕ್ಷರು
Printed by : H.L.AMARANATH, Owned by: H.L.AMARANATH, Printed at : SREE MANJUNATHA ENTERPRISES No. 7, Tirugappa lane, Cottonpet cross, Cottonpet, Bangalore-560053.
Published at : No.97, 2nd Cross, Vivekanandanagar, Khadi Commission Layout, BSK 3rd Stage, Kathariguppe Main Road, Bengaluru-560085. Mobile: 9663122276 Editor : H.L.AMARANATH
